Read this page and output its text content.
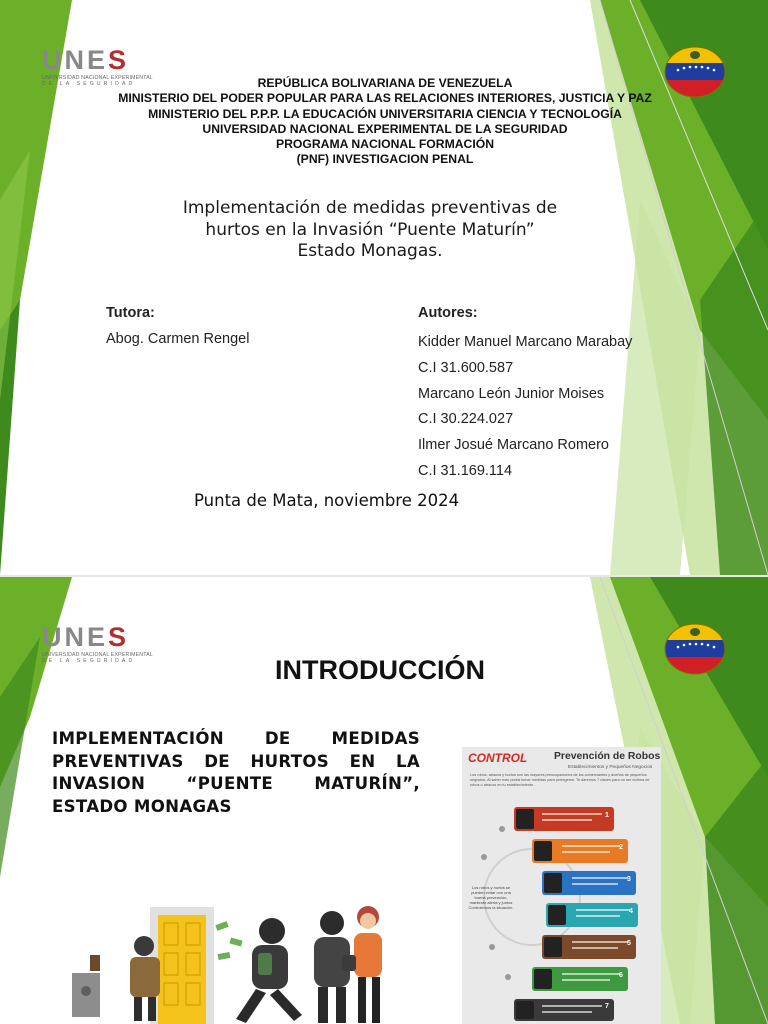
UNES
UNIVERSIDAD NACIONAL EXPERIMENTAL
DE LA SEGURIDAD	REPÚBLICA BOLIVARIANA DE VENEZUELA
MINISTERIO DEL PODER POPULAR PARA LAS RELACIONES INTERIORES, JUSTICIA Y PAZ
MINISTERIO DEL P.P.P. LA EDUCACIÓN UNIVERSITARIA CIENCIA Y TECNOLOGÍA
UNIVERSIDAD NACIONAL EXPERIMENTAL DE LA SEGURIDAD
PROGRAMA NACIONAL FORMACIÓN
(PNF) INVESTIGACION PENAL
Implementación de medidas preventivas de
hurtos en la Invasión “Puente Maturín”
Estado Monagas.
Tutora:
Abog. Carmen Rengel
Autores:
Kidder Manuel Marcano Marabay
C.I 31.600.587
Marcano León Junior Moises
C.I 30.224.027
Ilmer Josué Marcano Romero
C.I 31.169.114
Punta de Mata, noviembre 2024
UNES
UNIVERSIDAD NACIONAL EXPERIMENTAL
DE LA SEGURIDAD	INTRODUCCIÓN
IMPLEMENTACIÓN DE MEDIDAS PREVENTIVAS DE HURTOS EN LA INVASION “PUENTE MATURÍN”, ESTADO MONAGAS
CONTROL	Prevención de Robos
Establecimientos y Pequeños Negocios
Los robos, atracos y hurtos son las mayores preocupaciones de los comerciantes y dueños de pequeños negocios. Al saber esto podrá tomar medidas para protegerse. Te daremos 7 claves para no ser víctima de robos o atracos en tu establecimiento.
Los robos y hurtos se pueden evitar con una buena prevención, mantente alerta y juntos Controlemos la situación.
1
2
3
4
5
6
7
